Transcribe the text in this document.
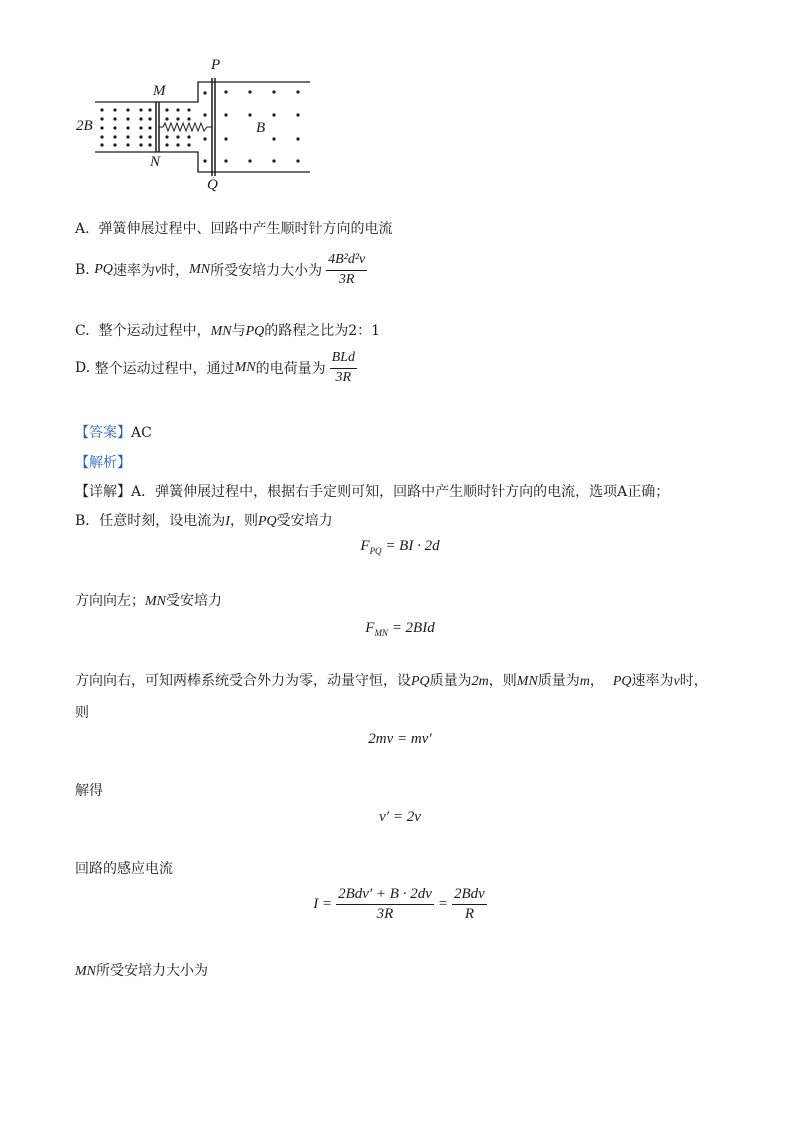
P
M
N
Q
2B	B
A. 弹簧伸展过程中、回路中产生顺时针方向的电流
B.
PQ 速率为 v 时， MN 所受安培力大小为 $\frac{\text{4B²d²v}}{3R}$
C. 整个运动过程中，MN与PQ的路程之比为2：1
D.
整个运动过程中，通过 MN 的电荷量为 $\frac{\text{BLd}}{3R}$
【答案】AC
【解析】
【详解】A．弹簧伸展过程中，根据右手定则可知，回路中产生顺时针方向的电流，选项A正确；
B．任意时刻，设电流为I，则PQ受安培力
$F_{PQ}$ = BI · 2d
方向向左；MN受安培力
$F_{MN} = 2BId$
方向向右，可知两棒系统受合外力为零，动量守恒，设PQ质量为2m，则MN质量为m， PQ速率为v时，
则
2mv = mv′
解得
v′ = 2v
回路的感应电流
$I = \frac{\text{2Bdv′ + B · 2dv}}{3R} = \frac{\text{2Bdv}}{R}$
MN所受安培力大小为
